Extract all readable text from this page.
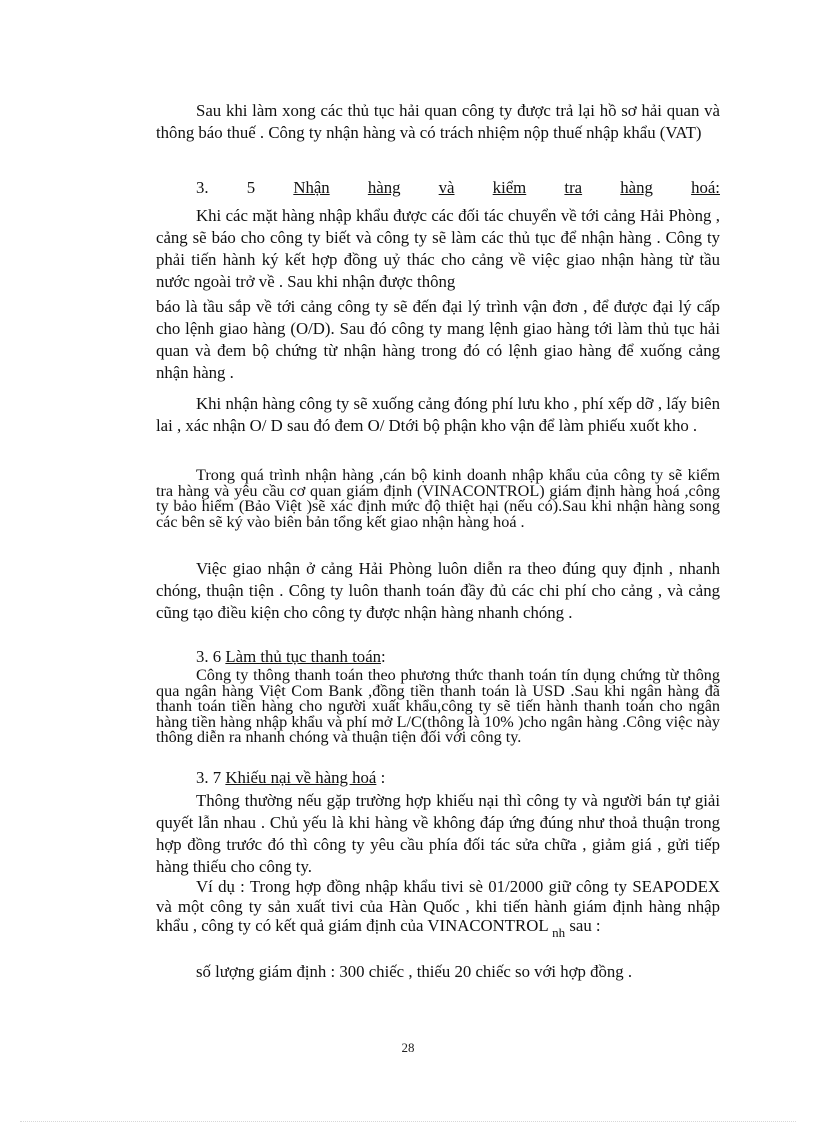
Sau khi làm xong các thủ tục hải quan công ty được trả lại hồ sơ hải quan và thông báo thuế . Công ty nhận hàng và có trách nhiệm nộp thuế nhập khẩu (VAT)

3. 5 Nhận hàng và kiểm tra hàng hoá:

Khi các mặt hàng nhập khẩu được các đối tác chuyển về tới cảng Hải Phòng , cảng sẽ báo cho công ty biết và công ty sẽ làm các thủ tục để nhận hàng . Công ty phải tiến hành ký kết hợp đồng uỷ thác cho cảng về việc giao nhận hàng từ tầu nước ngoài trở về . Sau khi nhận được thông

báo là tầu sắp về tới cảng công ty sẽ đến đại lý trình vận đơn , để được đại lý cấp cho lệnh giao hàng (O/D). Sau đó công ty mang lệnh giao hàng tới làm thủ tục hải quan và đem bộ chứng từ nhận hàng trong đó có lệnh giao hàng để xuống cảng nhận hàng .

Khi nhận hàng công ty sẽ xuống cảng đóng phí lưu kho , phí xếp dỡ , lấy biên lai , xác nhận O/ D sau đó đem O/ Dtới bộ phận kho vận để làm phiếu xuốt kho .

Trong quá trình nhận hàng ,cán bộ kinh doanh nhập khẩu của công ty sẽ kiểm tra hàng và yêu cầu cơ quan giám định (VINACONTROL) giám định hàng hoá ,công ty bảo hiểm (Bảo Việt )sẽ xác định mức độ thiệt hại (nếu có).Sau khi nhận hàng song các bên sẽ ký vào biên bản tổng kết giao nhận hàng hoá .

Việc giao nhận ở cảng Hải Phòng luôn diễn ra theo đúng quy định , nhanh chóng, thuận tiện . Công ty luôn thanh toán đầy đủ các chi phí cho cảng , và cảng cũng tạo điều kiện cho công ty được nhận hàng nhanh chóng .

3. 6 Làm thủ tục thanh toán:

Công ty thông thanh toán theo phương thức thanh toán tín dụng chứng từ thông qua ngân hàng Việt Com Bank ,đồng tiền thanh toán là USD .Sau khi ngân hàng đã thanh toán tiền hàng cho người xuất khẩu,công ty sẽ tiến hành thanh toán cho ngân hàng tiền hàng nhập khẩu và phí mở L/C(thông là 10% )cho ngân hàng .Công việc này thông diễn ra nhanh chóng và thuận tiện đối với công ty.

3. 7 Khiếu nại về hàng hoá :

Thông thường nếu gặp trường hợp khiếu nại thì công ty và người bán tự giải quyết lẫn nhau . Chủ yếu là khi hàng về không đáp ứng đúng như thoả thuận trong hợp đồng trước đó thì công ty yêu cầu phía đối tác sửa chữa , giảm giá , gửi tiếp hàng thiếu cho công ty.

Ví dụ : Trong hợp đồng nhập khẩu tivi sè 01/2000 giữ công ty SEAPODEX và một công ty sản xuất tivi của Hàn Quốc , khi tiến hành giám định hàng nhập khẩu , công ty có kết quả giám định của VINACONTROL $_{nh}$ sau :

số lượng giám định : 300 chiếc , thiếu 20 chiếc so với hợp đồng .

28
